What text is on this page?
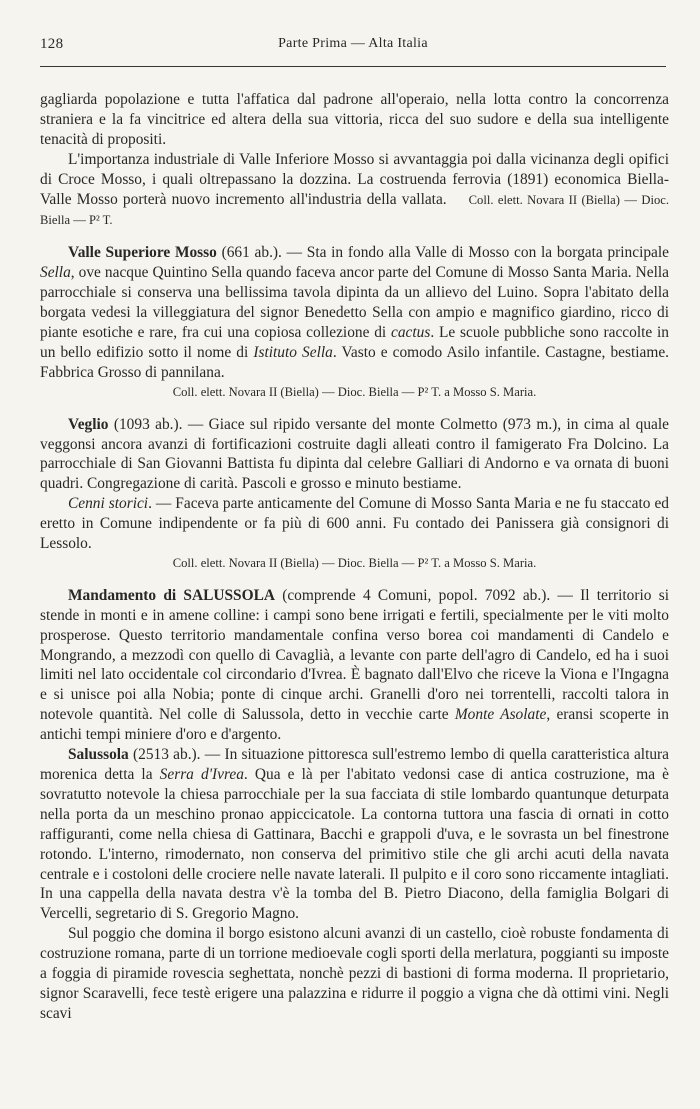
128	Parte Prima — Alta Italia

gagliarda popolazione e tutta l'affatica dal padrone all'operaio, nella lotta contro la concorrenza straniera e la fa vincitrice ed altera della sua vittoria, ricca del suo sudore e della sua intelligente tenacità di propositi.

L'importanza industriale di Valle Inferiore Mosso si avvantaggia poi dalla vicinanza degli opifici di Croce Mosso, i quali oltrepassano la dozzina. La costruenda ferrovia (1891) economica Biella-Valle Mosso porterà nuovo incremento all'industria della vallata. Coll. elett. Novara II (Biella) — Dioc. Biella — P² T.

Valle Superiore Mosso (661 ab.). — Sta in fondo alla Valle di Mosso con la borgata principale Sella, ove nacque Quintino Sella quando faceva ancor parte del Comune di Mosso Santa Maria. Nella parrocchiale si conserva una bellissima tavola dipinta da un allievo del Luino. Sopra l'abitato della borgata vedesi la villeggiatura del signor Benedetto Sella con ampio e magnifico giardino, ricco di piante esotiche e rare, fra cui una copiosa collezione di cactus. Le scuole pubbliche sono raccolte in un bello edifizio sotto il nome di Istituto Sella. Vasto e comodo Asilo infantile. Castagne, bestiame. Fabbrica Grosso di pannilana.

Coll. elett. Novara II (Biella) — Dioc. Biella — P² T. a Mosso S. Maria.

Veglio (1093 ab.). — Giace sul ripido versante del monte Colmetto (973 m.), in cima al quale veggonsi ancora avanzi di fortificazioni costruite dagli alleati contro il famigerato Fra Dolcino. La parrocchiale di San Giovanni Battista fu dipinta dal celebre Galliari di Andorno e va ornata di buoni quadri. Congregazione di carità. Pascoli e grosso e minuto bestiame.

Cenni storici. — Faceva parte anticamente del Comune di Mosso Santa Maria e ne fu staccato ed eretto in Comune indipendente or fa più di 600 anni. Fu contado dei Panissera già consignori di Lessolo.

Coll. elett. Novara II (Biella) — Dioc. Biella — P² T. a Mosso S. Maria.

Mandamento di SALUSSOLA (comprende 4 Comuni, popol. 7092 ab.). — Il territorio si stende in monti e in amene colline: i campi sono bene irrigati e fertili, specialmente per le viti molto prosperose. Questo territorio mandamentale confina verso borea coi mandamenti di Candelo e Mongrando, a mezzodì con quello di Cavaglià, a levante con parte dell'agro di Candelo, ed ha i suoi limiti nel lato occidentale col circondario d'Ivrea. È bagnato dall'Elvo che riceve la Viona e l'Ingagna e si unisce poi alla Nobia; ponte di cinque archi. Granelli d'oro nei torrentelli, raccolti talora in notevole quantità. Nel colle di Salussola, detto in vecchie carte Monte Asolate, eransi scoperte in antichi tempi miniere d'oro e d'argento.

Salussola (2513 ab.). — In situazione pittoresca sull'estremo lembo di quella caratteristica altura morenica detta la Serra d'Ivrea. Qua e là per l'abitato vedonsi case di antica costruzione, ma è sovratutto notevole la chiesa parrocchiale per la sua facciata di stile lombardo quantunque deturpata nella porta da un meschino pronao appiccicatole. La contorna tuttora una fascia di ornati in cotto raffiguranti, come nella chiesa di Gattinara, Bacchi e grappoli d'uva, e le sovrasta un bel finestrone rotondo. L'interno, rimodernato, non conserva del primitivo stile che gli archi acuti della navata centrale e i costoloni delle crociere nelle navate laterali. Il pulpito e il coro sono riccamente intagliati. In una cappella della navata destra v'è la tomba del B. Pietro Diacono, della famiglia Bolgari di Vercelli, segretario di S. Gregorio Magno.

Sul poggio che domina il borgo esistono alcuni avanzi di un castello, cioè robuste fondamenta di costruzione romana, parte di un torrione medioevale cogli sporti della merlatura, poggianti su imposte a foggia di piramide rovescia seghettata, nonchè pezzi di bastioni di forma moderna. Il proprietario, signor Scaravelli, fece testè erigere una palazzina e ridurre il poggio a vigna che dà ottimi vini. Negli scavi
